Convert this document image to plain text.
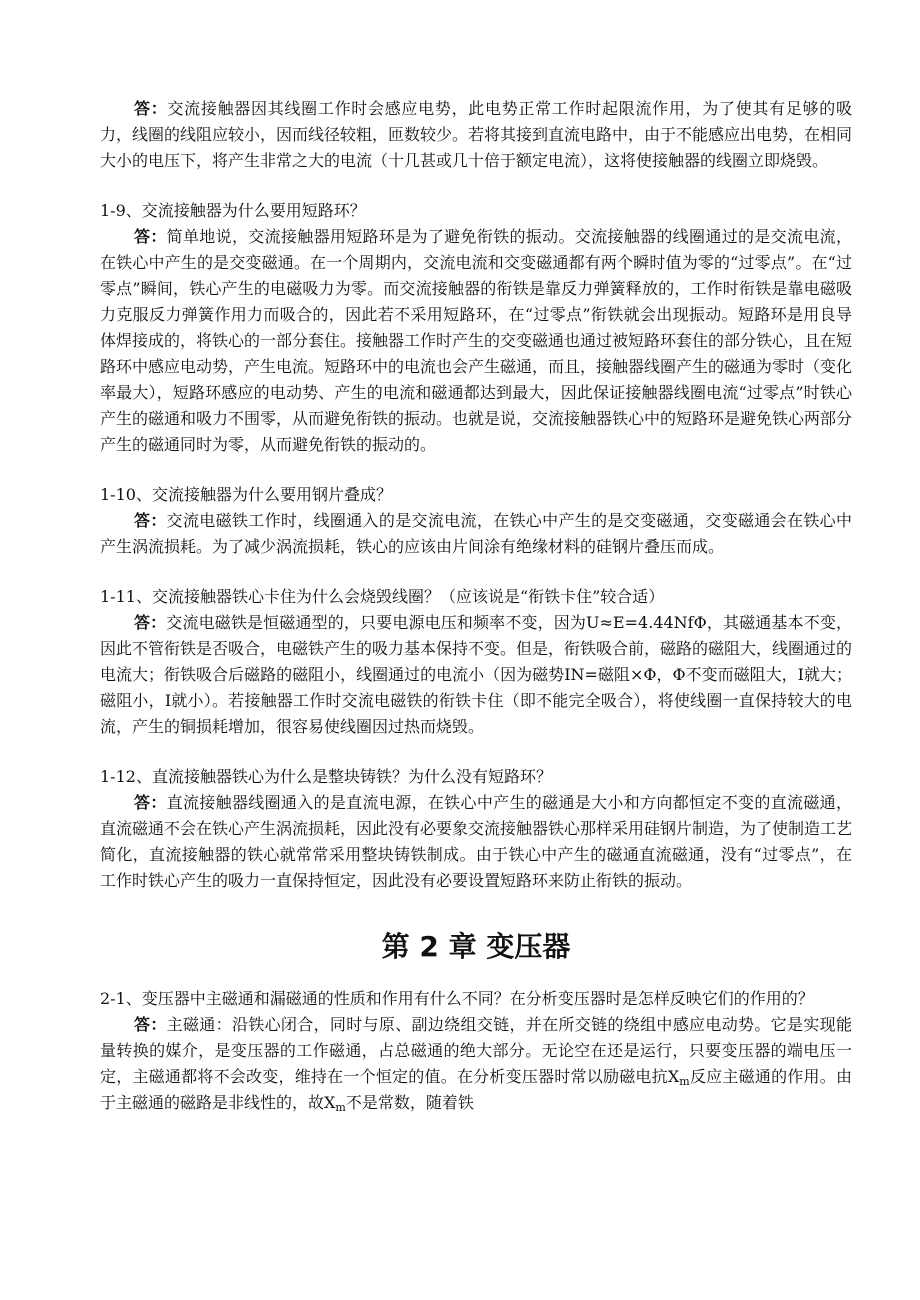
答：交流接触器因其线圈工作时会感应电势，此电势正常工作时起限流作用，为了使其有足够的吸力，线圈的线阻应较小，因而线径较粗，匝数较少。若将其接到直流电路中，由于不能感应出电势，在相同大小的电压下，将产生非常之大的电流（十几甚或几十倍于额定电流），这将使接触器的线圈立即烧毁。

1-9、交流接触器为什么要用短路环？

答：简单地说，交流接触器用短路环是为了避免衔铁的振动。交流接触器的线圈通过的是交流电流，在铁心中产生的是交变磁通。在一个周期内，交流电流和交变磁通都有两个瞬时值为零的“过零点”。在“过零点”瞬间，铁心产生的电磁吸力为零。而交流接触器的衔铁是靠反力弹簧释放的，工作时衔铁是靠电磁吸力克服反力弹簧作用力而吸合的，因此若不采用短路环，在“过零点”衔铁就会出现振动。短路环是用良导体焊接成的，将铁心的一部分套住。接触器工作时产生的交变磁通也通过被短路环套住的部分铁心，且在短路环中感应电动势，产生电流。短路环中的电流也会产生磁通，而且，接触器线圈产生的磁通为零时（变化率最大），短路环感应的电动势、产生的电流和磁通都达到最大，因此保证接触器线圈电流“过零点”时铁心产生的磁通和吸力不围零，从而避免衔铁的振动。也就是说，交流接触器铁心中的短路环是避免铁心两部分产生的磁通同时为零，从而避免衔铁的振动的。

1-10、交流接触器为什么要用钢片叠成？

答：交流电磁铁工作时，线圈通入的是交流电流，在铁心中产生的是交变磁通，交变磁通会在铁心中产生涡流损耗。为了减少涡流损耗，铁心的应该由片间涂有绝缘材料的硅钢片叠压而成。

1-11、交流接触器铁心卡住为什么会烧毁线圈？（应该说是“衔铁卡住”较合适）

答：交流电磁铁是恒磁通型的，只要电源电压和频率不变，因为U≈E=4.44NfΦ，其磁通基本不变，因此不管衔铁是否吸合，电磁铁产生的吸力基本保持不变。但是，衔铁吸合前，磁路的磁阻大，线圈通过的电流大；衔铁吸合后磁路的磁阻小，线圈通过的电流小（因为磁势IN=磁阻×Φ，Φ不变而磁阻大，I就大；磁阻小，I就小）。若接触器工作时交流电磁铁的衔铁卡住（即不能完全吸合），将使线圈一直保持较大的电流，产生的铜损耗增加，很容易使线圈因过热而烧毁。

1-12、直流接触器铁心为什么是整块铸铁？为什么没有短路环？

答：直流接触器线圈通入的是直流电源，在铁心中产生的磁通是大小和方向都恒定不变的直流磁通，直流磁通不会在铁心产生涡流损耗，因此没有必要象交流接触器铁心那样采用硅钢片制造，为了使制造工艺简化，直流接触器的铁心就常常采用整块铸铁制成。由于铁心中产生的磁通直流磁通，没有“过零点”，在工作时铁心产生的吸力一直保持恒定，因此没有必要设置短路环来防止衔铁的振动。

第 2 章 变压器

2-1、变压器中主磁通和漏磁通的性质和作用有什么不同？在分析变压器时是怎样反映它们的作用的？

答：主磁通：沿铁心闭合，同时与原、副边绕组交链，并在所交链的绕组中感应电动势。它是实现能量转换的媒介，是变压器的工作磁通，占总磁通的绝大部分。无论空在还是运行，只要变压器的端电压一定，主磁通都将不会改变，维持在一个恒定的值。在分析变压器时常以励磁电抗$X_m$反应主磁通的作用。由于主磁通的磁路是非线性的，故$X_m$不是常数，随着铁
